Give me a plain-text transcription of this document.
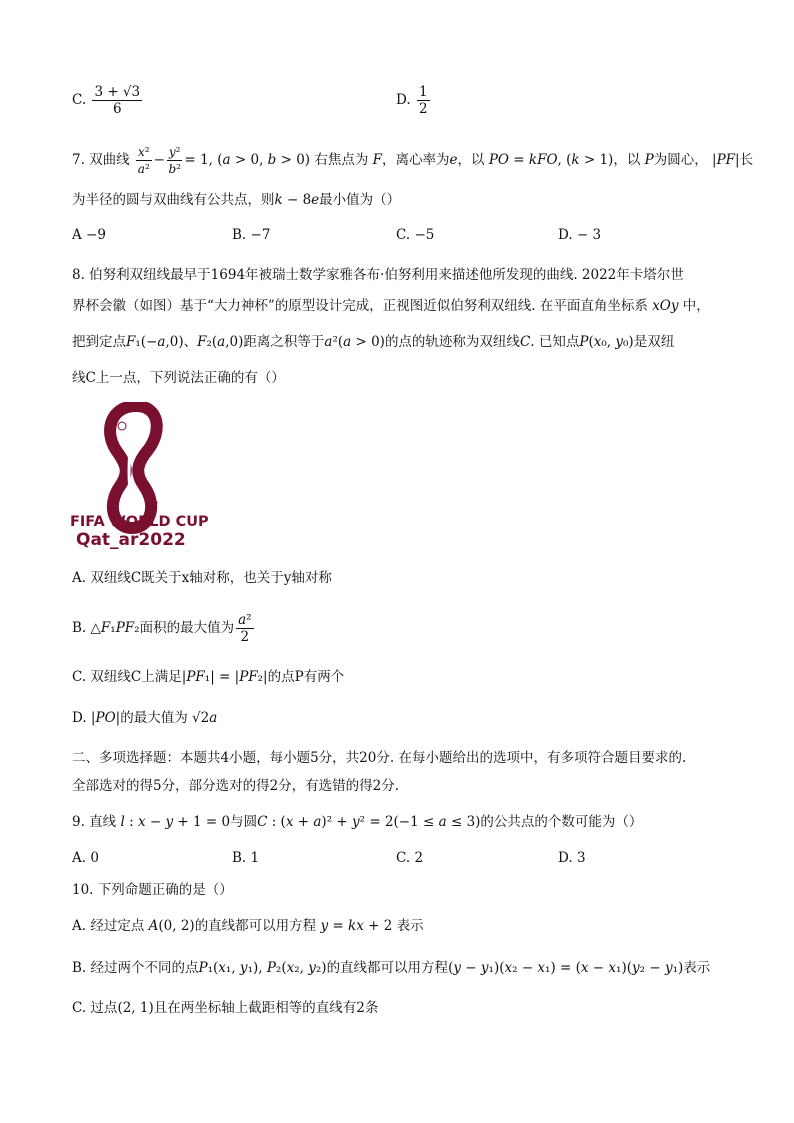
C. $\frac{3 + √3}{6}$	D. $\frac{1}{2}$
7. 双曲线 $\frac{\text{x²}}{\text{a²}} - \frac{\text{y²}}{\text{b²}} = 1$, (a > 0, b > 0) 右焦点为 F，离心率为e，以 PO = kFO, (k > 1)，以 P为圆心， |PF|长
为半径的圆与双曲线有公共点，则k − 8e最小值为（）
A −9	B. −7	C. −5	D. − 3
8. 伯努利双纽线最早于1694年被瑞士数学家雅各布·伯努利用来描述他所发现的曲线. 2022年卡塔尔世
界杯会徽（如图）基于“大力神杯”的原型设计完成，正视图近似伯努利双纽线. 在平面直角坐标系 xOy 中，
把到定点F₁(−a,0)、F₂(a,0)距离之积等于a²(a > 0)的点的轨迹称为双纽线C. 已知点P(x₀, y₀)是双纽
线C上一点，下列说法正确的有（）
FIFA WORLD CUP
Qat_ar2022
A. 双纽线C既关于x轴对称，也关于y轴对称
B. △F₁PF₂面积的最大值为 $\frac{\text{a²}}{2}$
C. 双纽线C上满足|PF₁| = |PF₂|的点P有两个
D. |PO|的最大值为 √2a
二、多项选择题：本题共4小题，每小题5分，共20分. 在每小题给出的选项中，有多项符合题目要求的.
全部选对的得5分，部分选对的得2分，有选错的得2分.
9. 直线 l : x − y + 1 = 0与圆C : (x + a)² + y² = 2(−1 ≤ a ≤ 3)的公共点的个数可能为（）
A. 0	B. 1	C. 2	D. 3
10. 下列命题正确的是（）
A. 经过定点 A(0, 2)的直线都可以用方程 y = kx + 2 表示
B. 经过两个不同的点P₁(x₁, y₁), P₂(x₂, y₂)的直线都可以用方程(y − y₁)(x₂ − x₁) = (x − x₁)(y₂ − y₁)表示
C. 过点(2, 1)且在两坐标轴上截距相等的直线有2条
